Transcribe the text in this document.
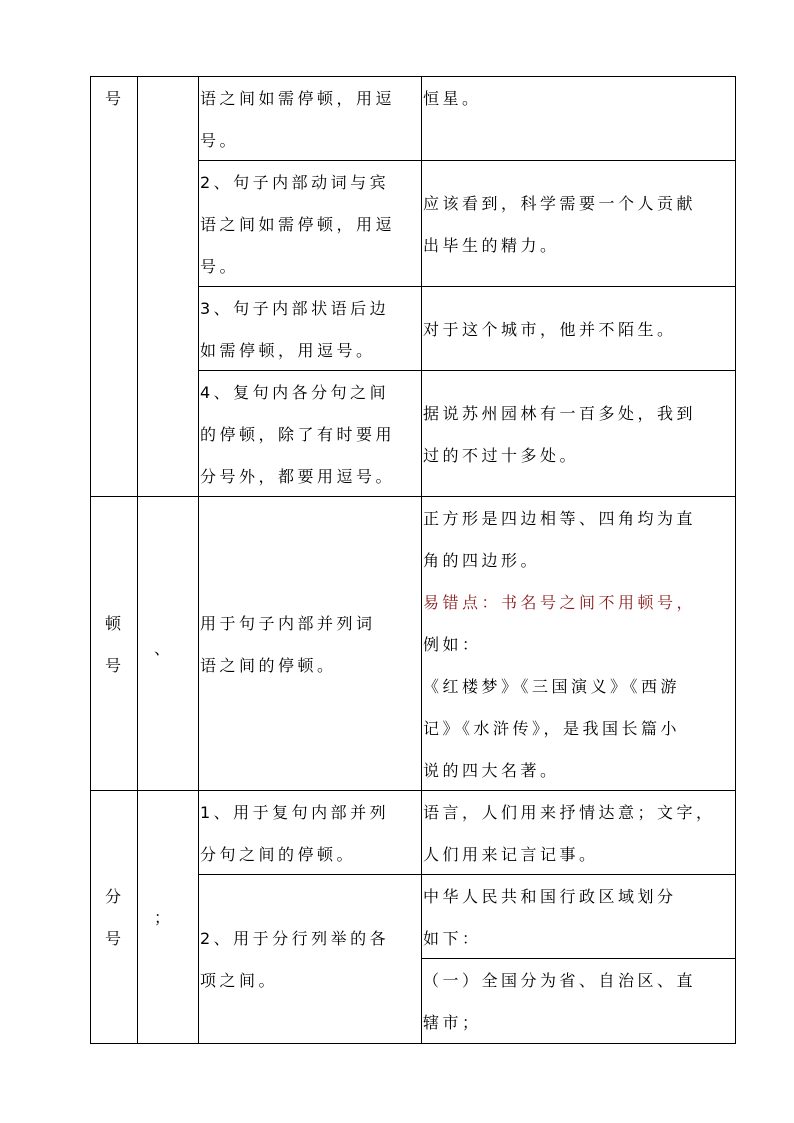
号	语之间如需停顿，用逗
号。
恒星。
2、句子内部动词与宾
语之间如需停顿，用逗
号。
应该看到，科学需要一个人贡献
出毕生的精力。
3、句子内部状语后边
如需停顿，用逗号。
对于这个城市，他并不陌生。
4、复句内各分句之间
的停顿，除了有时要用
分号外，都要用逗号。
据说苏州园林有一百多处，我到
过的不过十多处。
顿
号
、
用于句子内部并列词
语之间的停顿。
正方形是四边相等、四角均为直
角的四边形。
易错点：书名号之间不用顿号，
例如：
《红楼梦》《三国演义》《西游
记》《水浒传》，是我国长篇小
说的四大名著。
分
号
；
1、用于复句内部并列
分句之间的停顿。
语言，人们用来抒情达意；文字，
人们用来记言记事。
2、用于分行列举的各
项之间。
中华人民共和国行政区域划分
如下：
（一）全国分为省、自治区、直
辖市；
